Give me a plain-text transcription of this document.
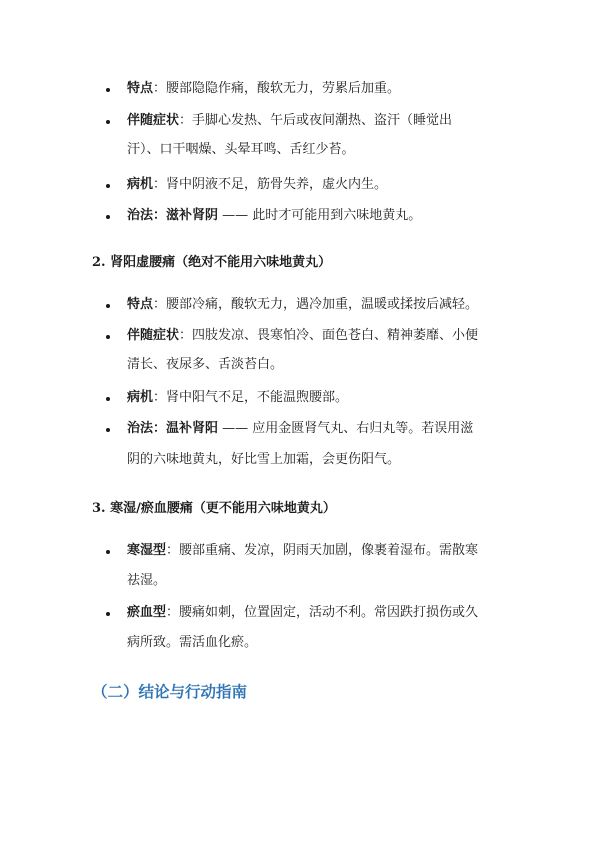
特点：腰部隐隐作痛，酸软无力，劳累后加重。
伴随症状：手脚心发热、午后或夜间潮热、盗汗（睡觉出
汗）、口干咽燥、头晕耳鸣、舌红少苔。
病机：肾中阴液不足，筋骨失养，虚火内生。
治法：滋补肾阴 —— 此时才可能用到六味地黄丸。
2. 肾阳虚腰痛（绝对不能用六味地黄丸）
特点：腰部冷痛，酸软无力，遇冷加重，温暖或揉按后减轻。
伴随症状：四肢发凉、畏寒怕冷、面色苍白、精神萎靡、小便
清长、夜尿多、舌淡苔白。
病机：肾中阳气不足，不能温煦腰部。
治法：温补肾阳 —— 应用金匮肾气丸、右归丸等。若误用滋
阴的六味地黄丸，好比雪上加霜，会更伤阳气。
3. 寒湿/瘀血腰痛（更不能用六味地黄丸）
寒湿型：腰部重痛、发凉，阴雨天加剧，像裹着湿布。需散寒
祛湿。
瘀血型：腰痛如刺，位置固定，活动不利。常因跌打损伤或久
病所致。需活血化瘀。
（二）结论与行动指南
